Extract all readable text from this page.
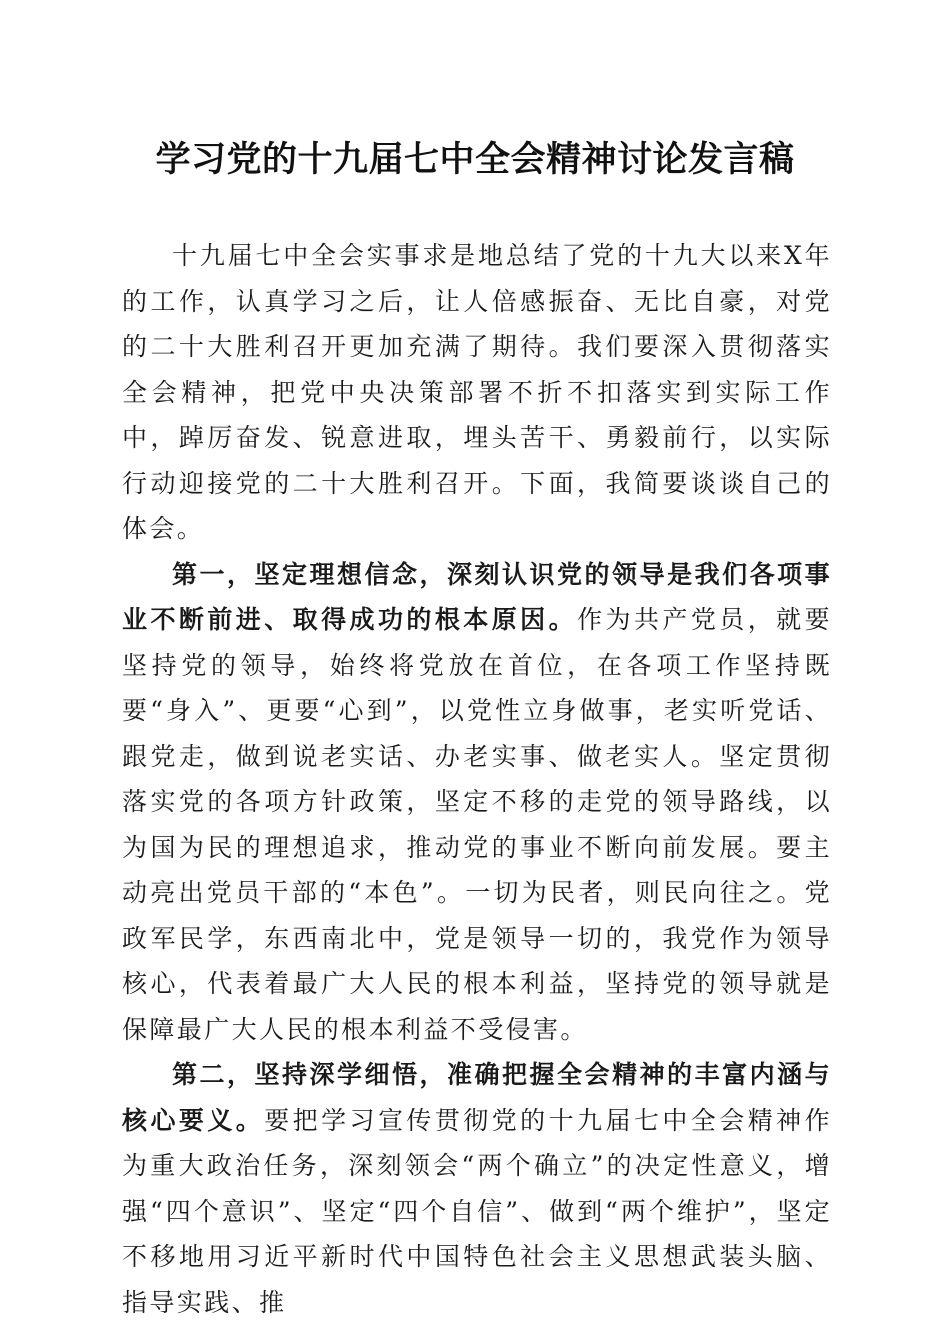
学习党的十九届七中全会精神讨论发言稿

十九届七中全会实事求是地总结了党的十九大以来X年的工作，认真学习之后，让人倍感振奋、无比自豪，对党的二十大胜利召开更加充满了期待。我们要深入贯彻落实全会精神，把党中央决策部署不折不扣落实到实际工作中，踔厉奋发、锐意进取，埋头苦干、勇毅前行，以实际行动迎接党的二十大胜利召开。下面，我简要谈谈自己的体会。

第一，坚定理想信念，深刻认识党的领导是我们各项事业不断前进、取得成功的根本原因。作为共产党员，就要坚持党的领导，始终将党放在首位，在各项工作坚持既要“身入”、更要“心到”，以党性立身做事，老实听党话、跟党走，做到说老实话、办老实事、做老实人。坚定贯彻落实党的各项方针政策，坚定不移的走党的领导路线，以为国为民的理想追求，推动党的事业不断向前发展。要主动亮出党员干部的“本色”。一切为民者，则民向往之。党政军民学，东西南北中，党是领导一切的，我党作为领导核心，代表着最广大人民的根本利益，坚持党的领导就是保障最广大人民的根本利益不受侵害。

第二，坚持深学细悟，准确把握全会精神的丰富内涵与核心要义。要把学习宣传贯彻党的十九届七中全会精神作为重大政治任务，深刻领会“两个确立”的决定性意义，增强“四个意识”、坚定“四个自信”、做到“两个维护”，坚定不移地用习近平新时代中国特色社会主义思想武装头脑、指导实践、推
